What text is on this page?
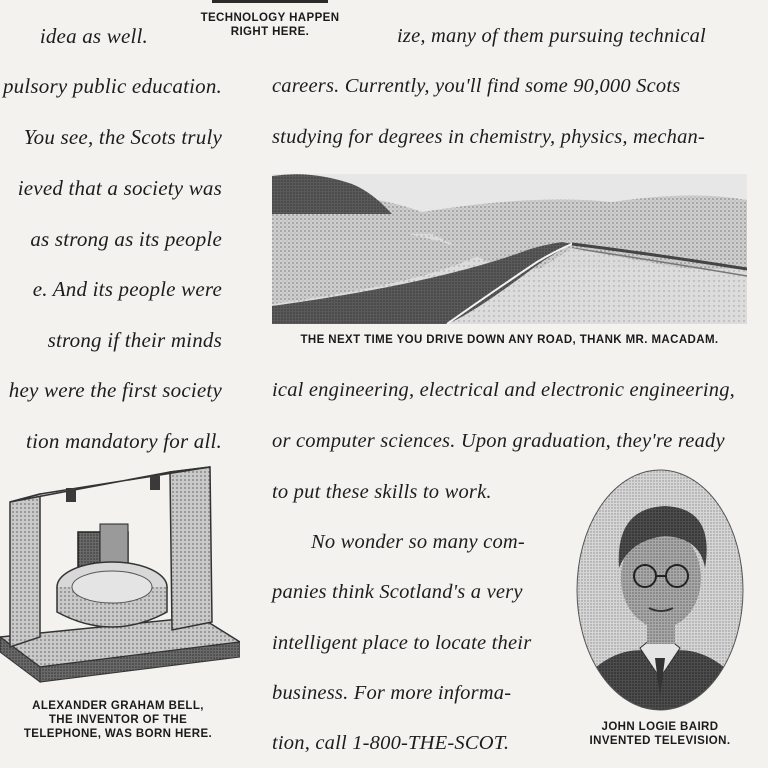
idea as well.
pulsory public education.
You see, the Scots truly
ieved that a society was
as strong as its people
e. And its people were
strong if their minds
hey were the first society
tion mandatory for all.
TECHNOLOGY HAPPEN
RIGHT HERE.	ize, many of them pursuing technical
careers. Currently, you'll find some 90,000 Scots
studying for degrees in chemistry, physics, mechan-
THE NEXT TIME YOU DRIVE DOWN ANY ROAD, THANK MR. MACADAM.
ical engineering, electrical and electronic engineering,
or computer sciences. Upon graduation, they're ready
to put these skills to work.
No wonder so many com-
panies think Scotland's a very
intelligent place to locate their
business. For more informa-
tion, call 1-800-THE-SCOT.
ALEXANDER GRAHAM BELL,
THE INVENTOR OF THE
TELEPHONE, WAS BORN HERE.
JOHN LOGIE BAIRD
INVENTED TELEVISION.
